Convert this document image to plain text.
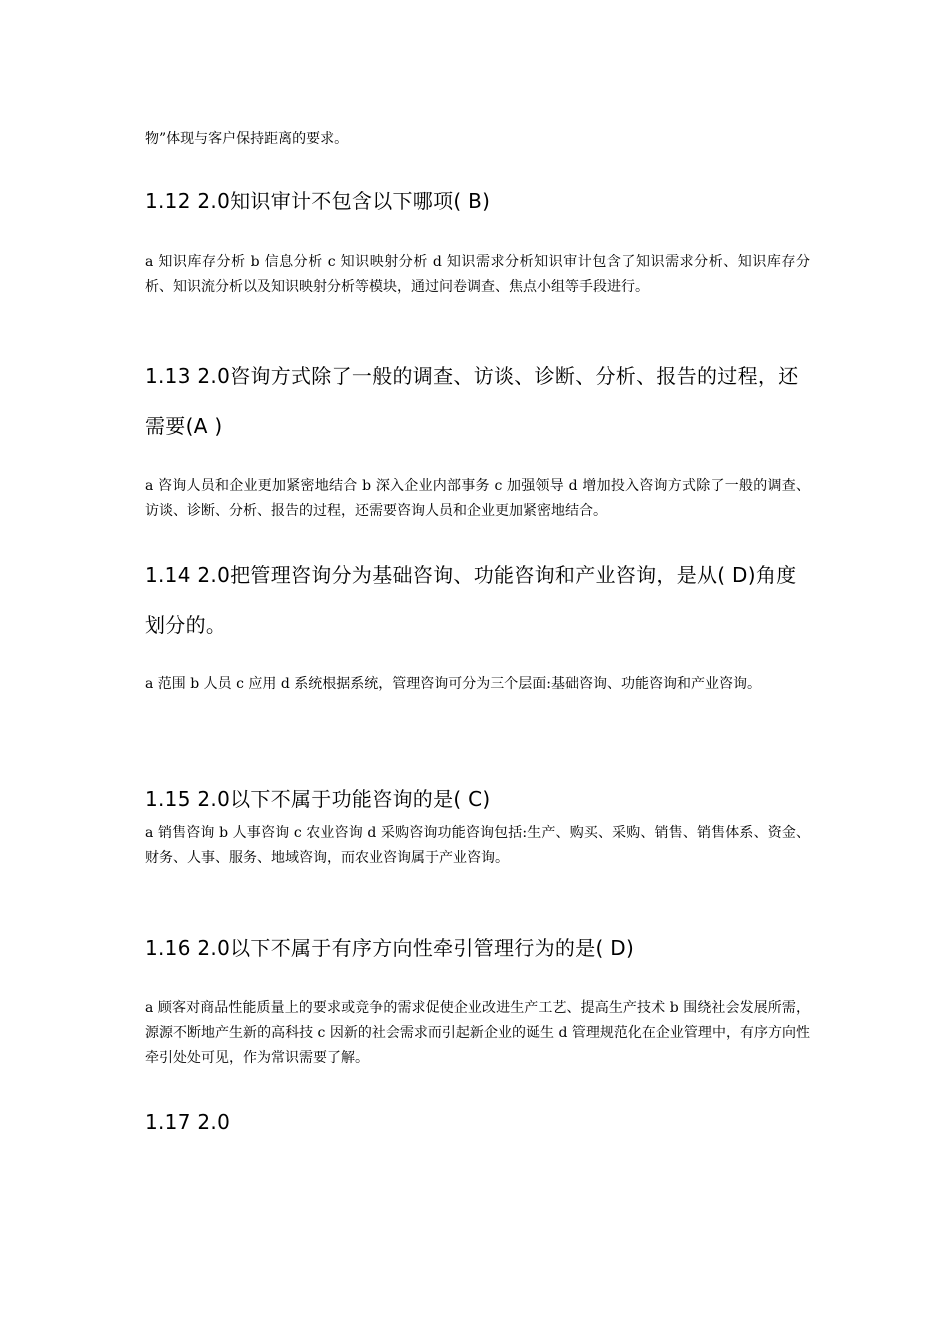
物”体现与客户保持距离的要求。

1.12 2.0知识审计不包含以下哪项( B)

a 知识库存分析 b 信息分析 c 知识映射分析 d 知识需求分析知识审计包含了知识需求分析、知识库存分析、知识流分析以及知识映射分析等模块，通过问卷调查、焦点小组等手段进行。

1.13 2.0咨询方式除了一般的调查、访谈、诊断、分析、报告的过程，还需要(A )

a 咨询人员和企业更加紧密地结合 b 深入企业内部事务 c 加强领导 d 增加投入咨询方式除了一般的调查、访谈、诊断、分析、报告的过程，还需要咨询人员和企业更加紧密地结合。

1.14 2.0把管理咨询分为基础咨询、功能咨询和产业咨询，是从( D)角度划分的。

a 范围 b 人员 c 应用 d 系统根据系统，管理咨询可分为三个层面:基础咨询、功能咨询和产业咨询。

1.15 2.0以下不属于功能咨询的是( C)

a 销售咨询 b 人事咨询 c 农业咨询 d 采购咨询功能咨询包括:生产、购买、采购、销售、销售体系、资金、财务、人事、服务、地域咨询，而农业咨询属于产业咨询。

1.16 2.0以下不属于有序方向性牵引管理行为的是( D)

a 顾客对商品性能质量上的要求或竞争的需求促使企业改进生产工艺、提高生产技术 b 围绕社会发展所需，源源不断地产生新的高科技 c 因新的社会需求而引起新企业的诞生 d 管理规范化在企业管理中，有序方向性牵引处处可见，作为常识需要了解。

1.17 2.0
